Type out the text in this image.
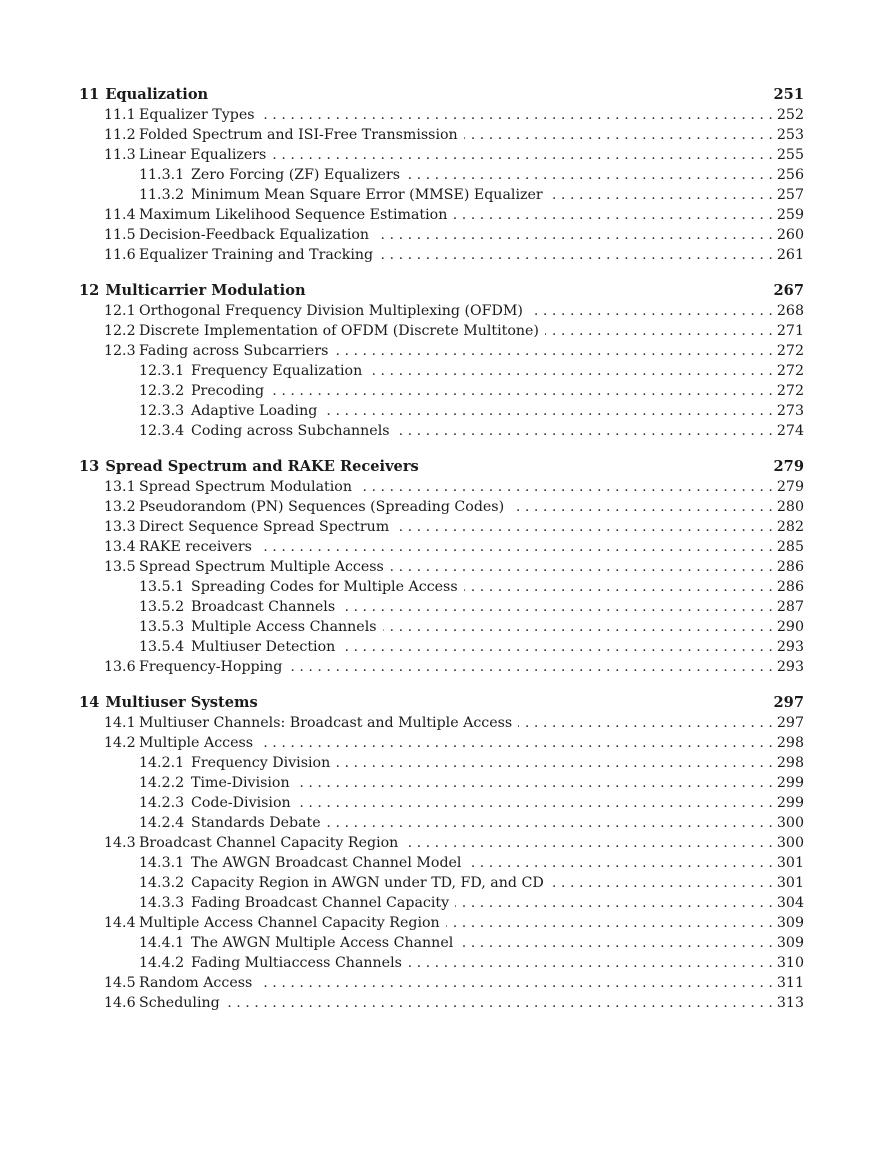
11 Equalization	251
11.1 Equalizer Types . . .	252
11.2 Folded Spectrum and ISI-Free Transmission . . .	253
11.3 Linear Equalizers . . .	255
11.3.1 Zero Forcing (ZF) Equalizers . . .	256
11.3.2 Minimum Mean Square Error (MMSE) Equalizer . . .	257
11.4 Maximum Likelihood Sequence Estimation . . .	259
11.5 Decision-Feedback Equalization . . .	260
11.6 Equalizer Training and Tracking . . .	261
12 Multicarrier Modulation	267
12.1 Orthogonal Frequency Division Multiplexing (OFDM) . . .	268
12.2 Discrete Implementation of OFDM (Discrete Multitone) . . .	271
12.3 Fading across Subcarriers . . .	272
12.3.1 Frequency Equalization . . .	272
12.3.2 Precoding . . .	272
12.3.3 Adaptive Loading . . .	273
12.3.4 Coding across Subchannels . . .	274
13 Spread Spectrum and RAKE Receivers	279
13.1 Spread Spectrum Modulation . . .	279
13.2 Pseudorandom (PN) Sequences (Spreading Codes) . . .	280
13.3 Direct Sequence Spread Spectrum . . .	282
13.4 RAKE receivers . . .	285
13.5 Spread Spectrum Multiple Access . . .	286
13.5.1 Spreading Codes for Multiple Access . . .	286
13.5.2 Broadcast Channels . . .	287
13.5.3 Multiple Access Channels . . .	290
13.5.4 Multiuser Detection . . .	293
13.6 Frequency-Hopping . . .	293
14 Multiuser Systems	297
14.1 Multiuser Channels: Broadcast and Multiple Access . . .	297
14.2 Multiple Access . . .	298
14.2.1 Frequency Division . . .	298
14.2.2 Time-Division . . .	299
14.2.3 Code-Division . . .	299
14.2.4 Standards Debate . . .	300
14.3 Broadcast Channel Capacity Region . . .	300
14.3.1 The AWGN Broadcast Channel Model . . .	301
14.3.2 Capacity Region in AWGN under TD, FD, and CD . . .	301
14.3.3 Fading Broadcast Channel Capacity . . .	304
14.4 Multiple Access Channel Capacity Region . . .	309
14.4.1 The AWGN Multiple Access Channel . . .	309
14.4.2 Fading Multiaccess Channels . . .	310
14.5 Random Access . . .	311
14.6 Scheduling . . .	313
